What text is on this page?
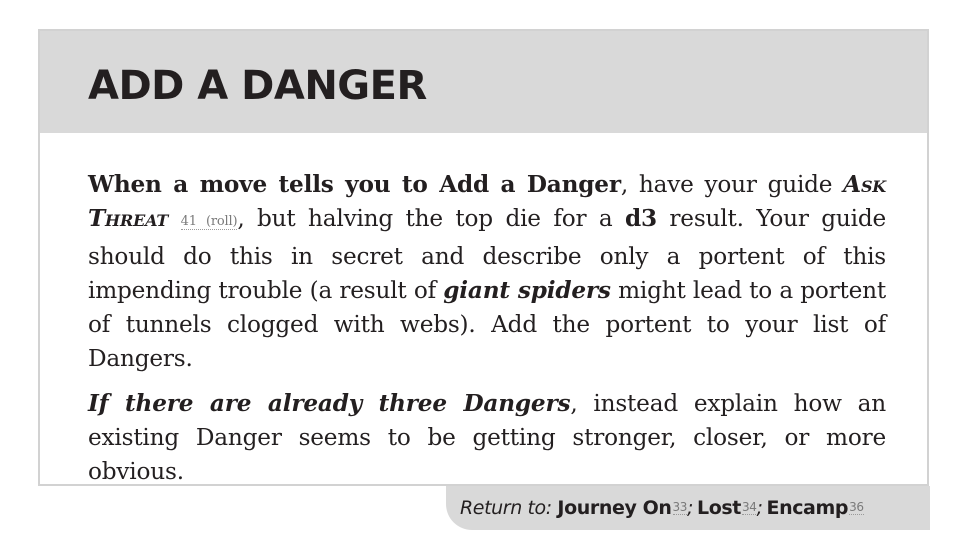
ADD A DANGER

When a move tells you to Add a Danger, have your guide Ask Threat 41 (roll), but halving the top die for a d3 result. Your guide should do this in secret and describe only a portent of this impending trouble (a result of giant spiders might lead to a portent of tunnels clogged with webs). Add the portent to your list of Dangers.

If there are already three Dangers, instead explain how an existing Danger seems to be getting stronger, closer, or more obvious.

Return to:
Journey On 33 ; Lost 34 ; Encamp 36
